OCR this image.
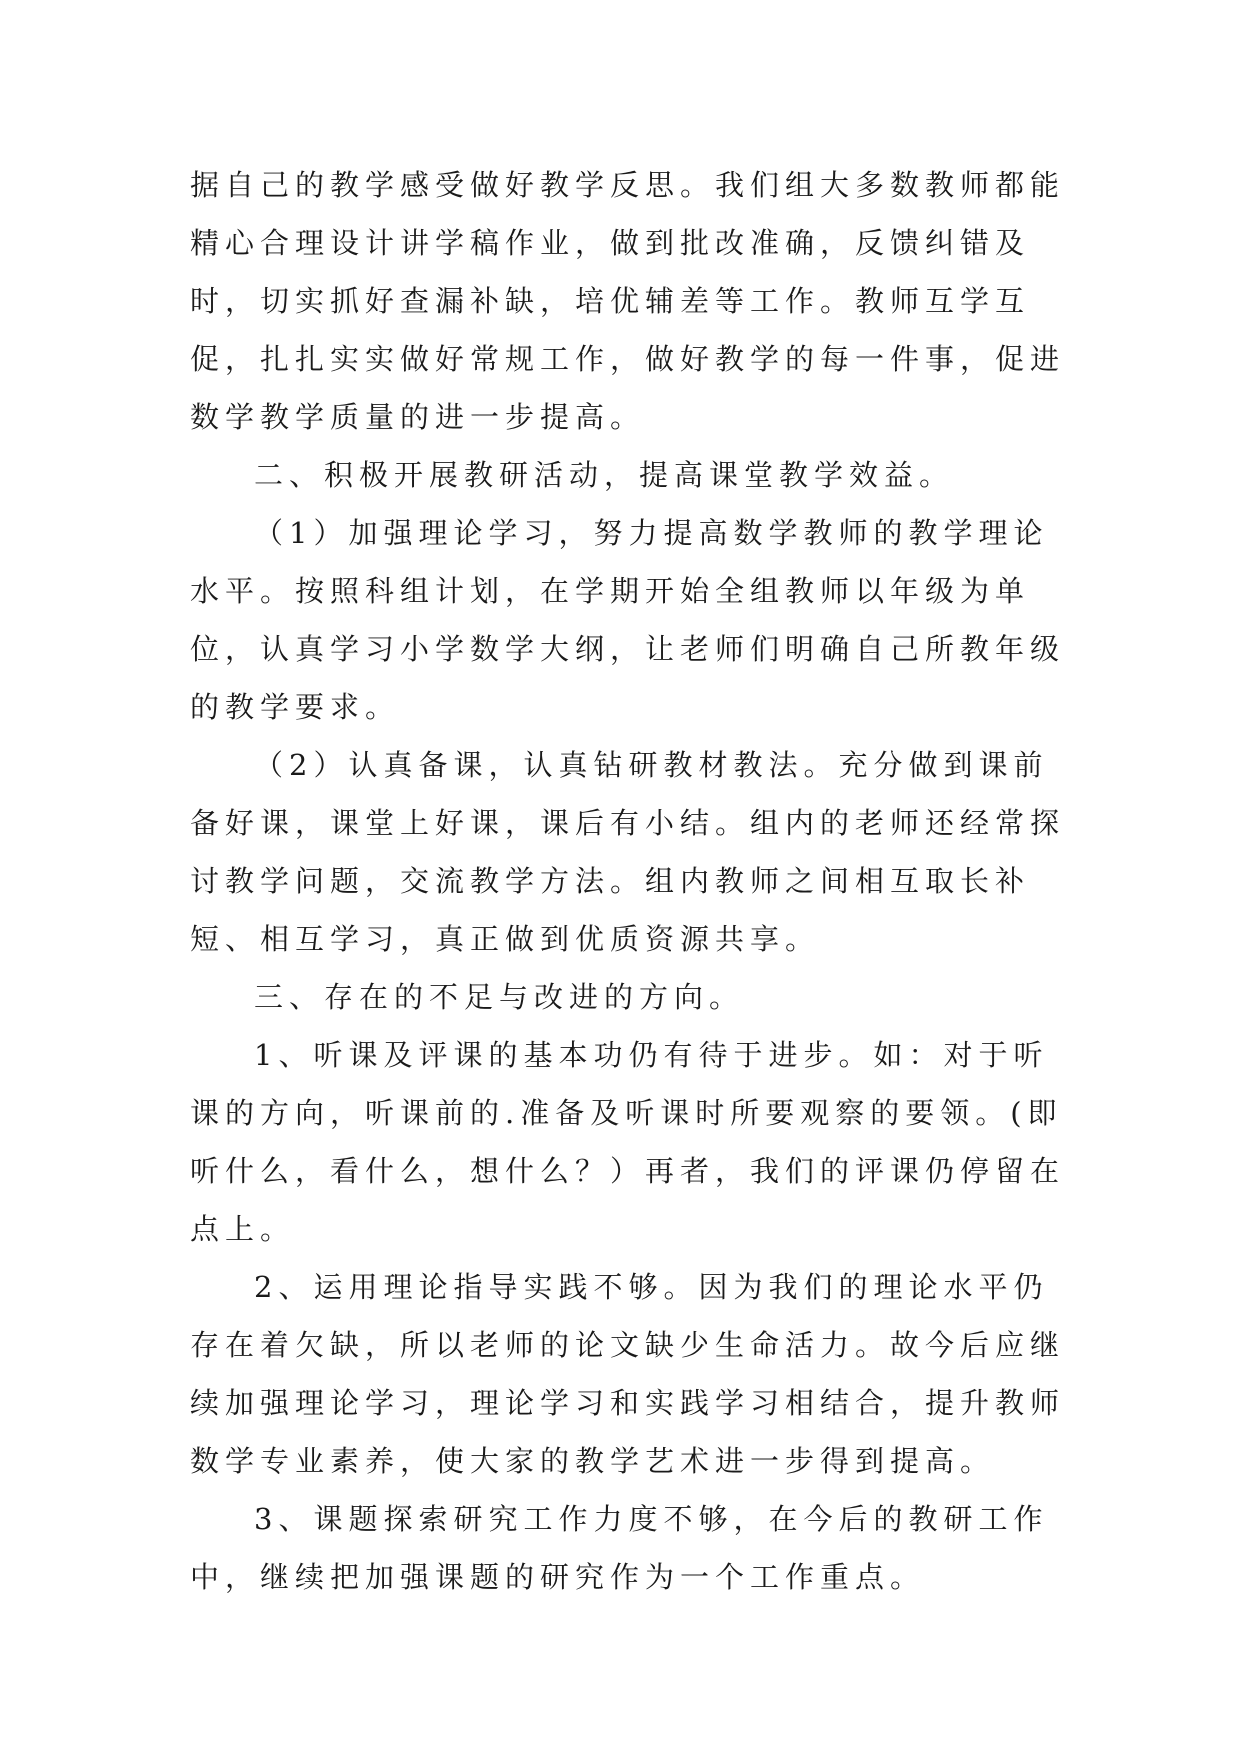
据自己的教学感受做好教学反思。我们组大多数教师都能精心合理设计讲学稿作业，做到批改准确，反馈纠错及时，切实抓好查漏补缺，培优辅差等工作。教师互学互促，扎扎实实做好常规工作，做好教学的每一件事，促进数学教学质量的进一步提高。

二、积极开展教研活动，提高课堂教学效益。

（1）加强理论学习，努力提高数学教师的教学理论水平。按照科组计划，在学期开始全组教师以年级为单位，认真学习小学数学大纲，让老师们明确自己所教年级的教学要求。

（2）认真备课，认真钻研教材教法。充分做到课前备好课，课堂上好课，课后有小结。组内的老师还经常探讨教学问题，交流教学方法。组内教师之间相互取长补短、相互学习，真正做到优质资源共享。

三、存在的不足与改进的方向。

1、听课及评课的基本功仍有待于进步。如：对于听课的方向，听课前的.准备及听课时所要观察的要领。(即听什么，看什么，想什么？）再者，我们的评课仍停留在点上。

2、运用理论指导实践不够。因为我们的理论水平仍存在着欠缺，所以老师的论文缺少生命活力。故今后应继续加强理论学习，理论学习和实践学习相结合，提升教师数学专业素养，使大家的教学艺术进一步得到提高。

3、课题探索研究工作力度不够，在今后的教研工作中，继续把加强课题的研究作为一个工作重点。
